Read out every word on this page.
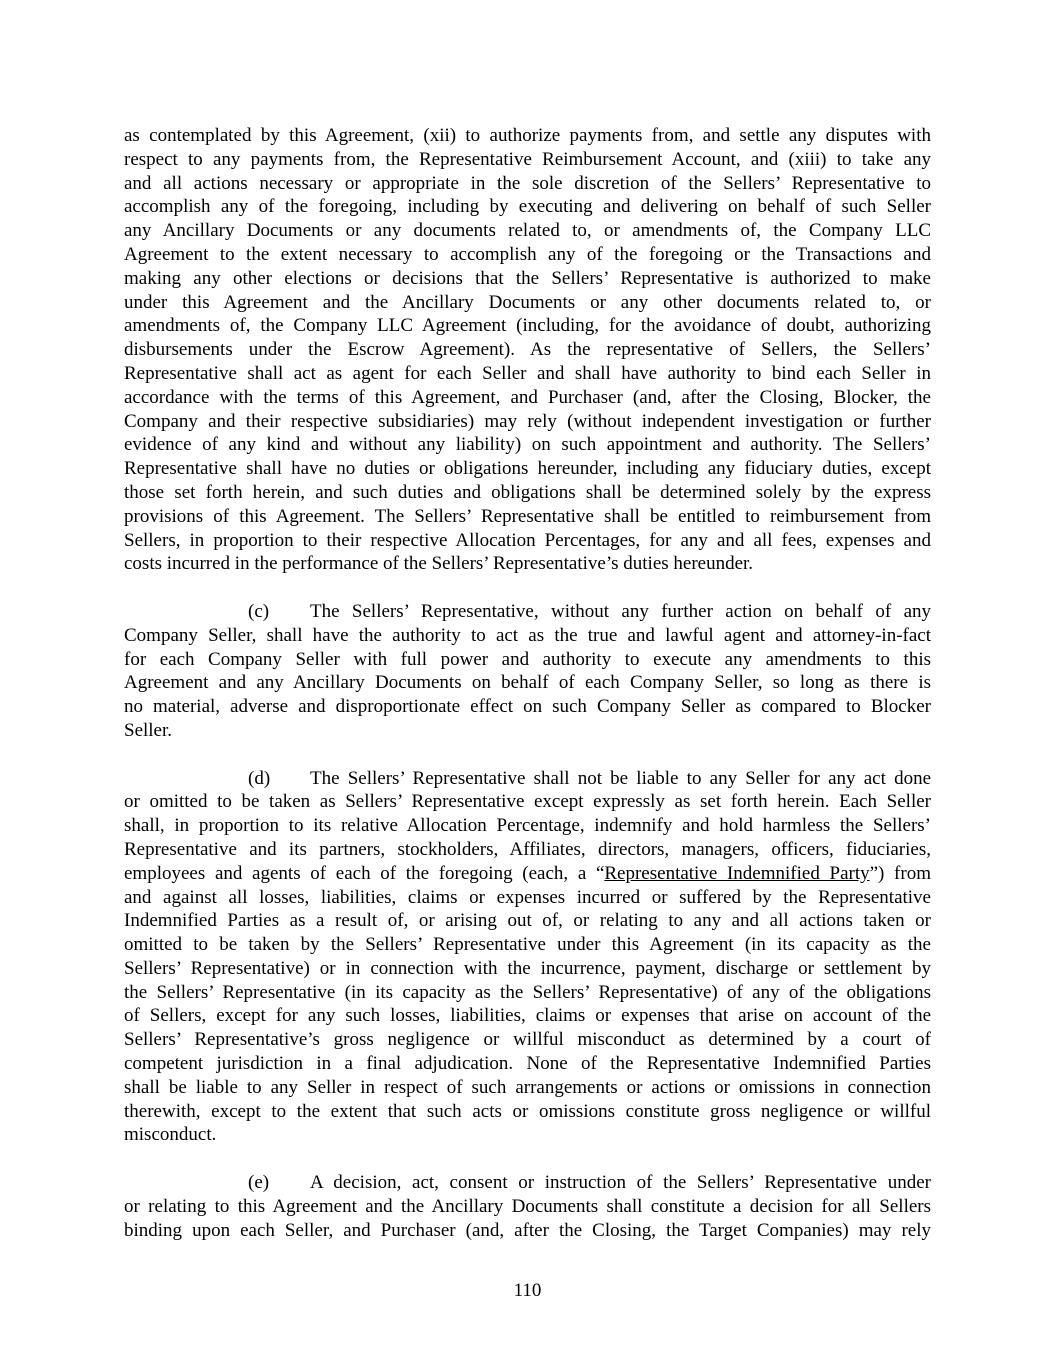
as contemplated by this Agreement, (xii) to authorize payments from, and settle any disputes with
respect to any payments from, the Representative Reimbursement Account, and (xiii) to take any
and all actions necessary or appropriate in the sole discretion of the Sellers’ Representative to
accomplish any of the foregoing, including by executing and delivering on behalf of such Seller
any Ancillary Documents or any documents related to, or amendments of, the Company LLC
Agreement to the extent necessary to accomplish any of the foregoing or the Transactions and
making any other elections or decisions that the Sellers’ Representative is authorized to make
under this Agreement and the Ancillary Documents or any other documents related to, or
amendments of, the Company LLC Agreement (including, for the avoidance of doubt, authorizing
disbursements under the Escrow Agreement). As the representative of Sellers, the Sellers’
Representative shall act as agent for each Seller and shall have authority to bind each Seller in
accordance with the terms of this Agreement, and Purchaser (and, after the Closing, Blocker, the
Company and their respective subsidiaries) may rely (without independent investigation or further
evidence of any kind and without any liability) on such appointment and authority. The Sellers’
Representative shall have no duties or obligations hereunder, including any fiduciary duties, except
those set forth herein, and such duties and obligations shall be determined solely by the express
provisions of this Agreement. The Sellers’ Representative shall be entitled to reimbursement from
Sellers, in proportion to their respective Allocation Percentages, for any and all fees, expenses and
costs incurred in the performance of the Sellers’ Representative’s duties hereunder.
(c) The Sellers’ Representative, without any further action on behalf of any
Company Seller, shall have the authority to act as the true and lawful agent and attorney-in-fact
for each Company Seller with full power and authority to execute any amendments to this
Agreement and any Ancillary Documents on behalf of each Company Seller, so long as there is
no material, adverse and disproportionate effect on such Company Seller as compared to Blocker
Seller.
(d) The Sellers’ Representative shall not be liable to any Seller for any act done
or omitted to be taken as Sellers’ Representative except expressly as set forth herein. Each Seller
shall, in proportion to its relative Allocation Percentage, indemnify and hold harmless the Sellers’
Representative and its partners, stockholders, Affiliates, directors, managers, officers, fiduciaries,
employees and agents of each of the foregoing (each, a “Representative Indemnified Party”) from
and against all losses, liabilities, claims or expenses incurred or suffered by the Representative
Indemnified Parties as a result of, or arising out of, or relating to any and all actions taken or
omitted to be taken by the Sellers’ Representative under this Agreement (in its capacity as the
Sellers’ Representative) or in connection with the incurrence, payment, discharge or settlement by
the Sellers’ Representative (in its capacity as the Sellers’ Representative) of any of the obligations
of Sellers, except for any such losses, liabilities, claims or expenses that arise on account of the
Sellers’ Representative’s gross negligence or willful misconduct as determined by a court of
competent jurisdiction in a final adjudication. None of the Representative Indemnified Parties
shall be liable to any Seller in respect of such arrangements or actions or omissions in connection
therewith, except to the extent that such acts or omissions constitute gross negligence or willful
misconduct.
(e) A decision, act, consent or instruction of the Sellers’ Representative under
or relating to this Agreement and the Ancillary Documents shall constitute a decision for all Sellers
binding upon each Seller, and Purchaser (and, after the Closing, the Target Companies) may rely
110
